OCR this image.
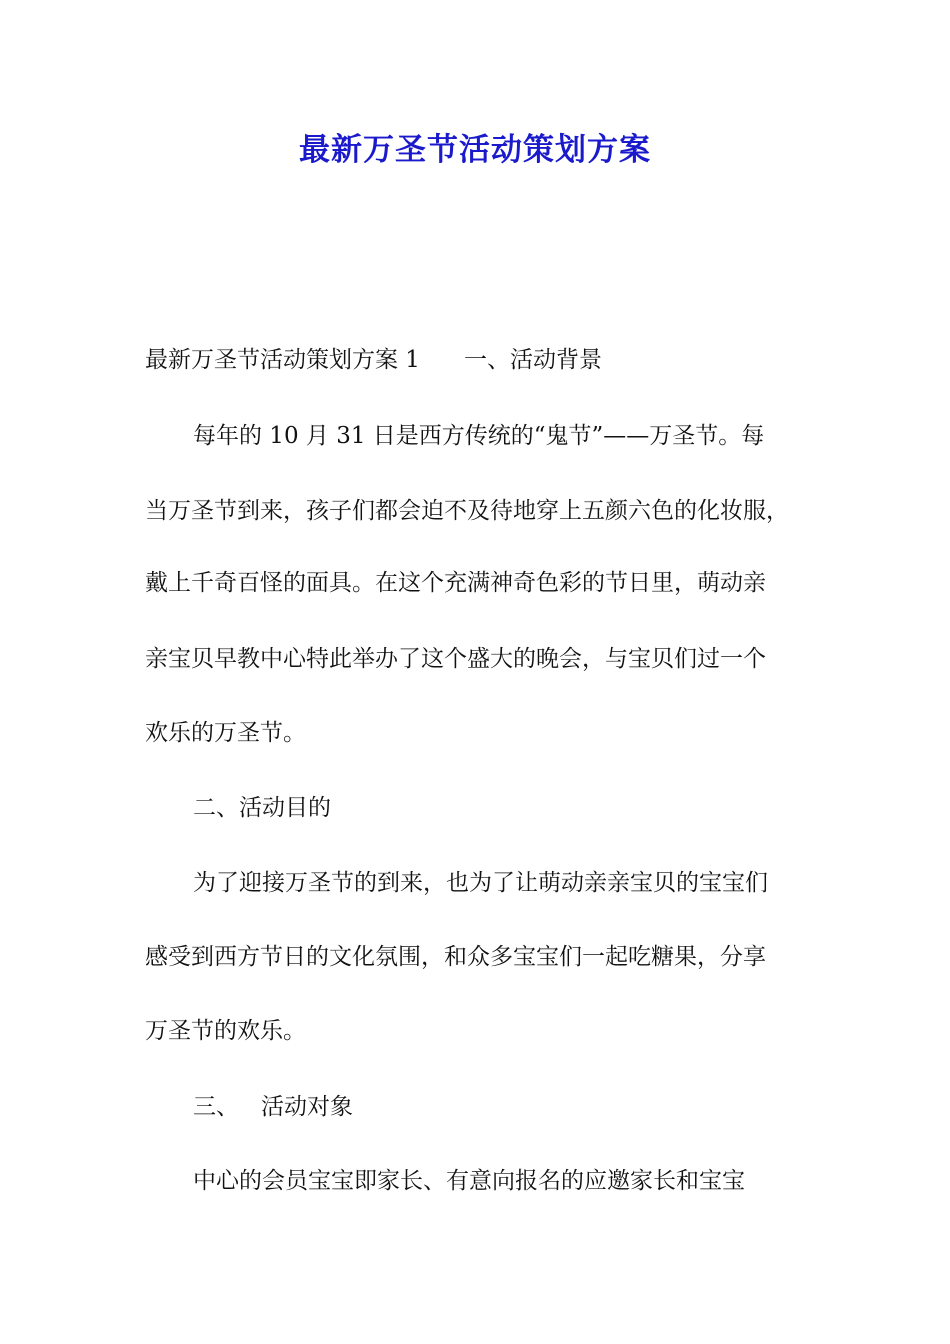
最新万圣节活动策划方案

最新万圣节活动策划方案 1 一、活动背景

每年的 10 月 31 日是西方传统的“鬼节”——万圣节。每

当万圣节到来，孩子们都会迫不及待地穿上五颜六色的化妆服，

戴上千奇百怪的面具。在这个充满神奇色彩的节日里，萌动亲

亲宝贝早教中心特此举办了这个盛大的晚会，与宝贝们过一个

欢乐的万圣节。

二、活动目的

为了迎接万圣节的到来，也为了让萌动亲亲宝贝的宝宝们

感受到西方节日的文化氛围，和众多宝宝们一起吃糖果，分享

万圣节的欢乐。

三、 活动对象

中心的会员宝宝即家长、有意向报名的应邀家长和宝宝
